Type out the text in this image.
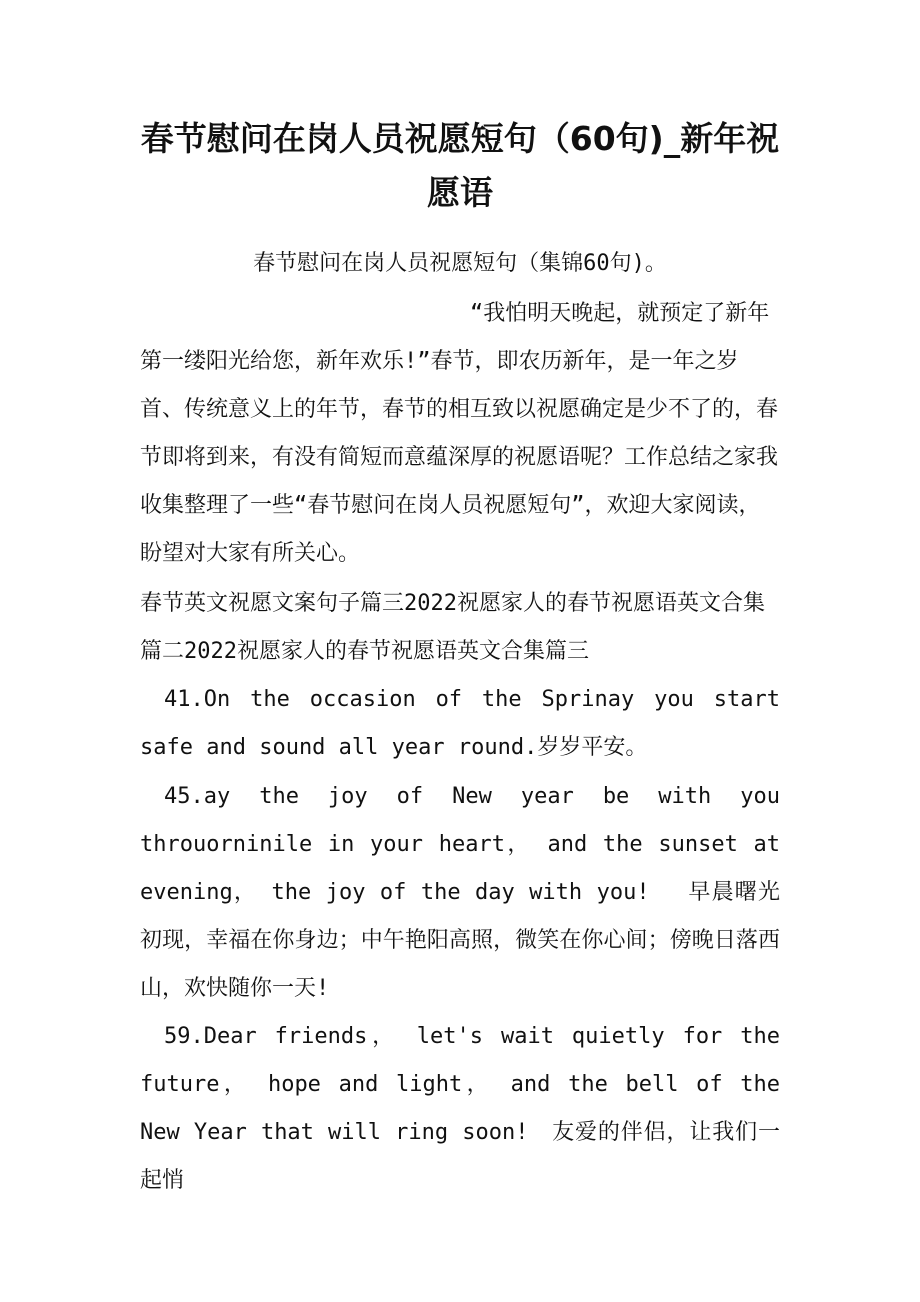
春节慰问在岗人员祝愿短句（60句)_新年祝愿语

春节慰问在岗人员祝愿短句（集锦60句)。

“我怕明天晚起，就预定了新年第一缕阳光给您，新年欢乐!”春节，即农历新年，是一年之岁首、传统意义上的年节，春节的相互致以祝愿确定是少不了的，春节即将到来，有没有简短而意蕴深厚的祝愿语呢？工作总结之家我收集整理了一些“春节慰问在岗人员祝愿短句”，欢迎大家阅读，盼望对大家有所关心。

春节英文祝愿文案句子篇三2022祝愿家人的春节祝愿语英文合集篇二2022祝愿家人的春节祝愿语英文合集篇三

41.On the occasion of the Sprinay you start safe and sound all year round.岁岁平安。

45.ay the joy of New year be with you throuorninile in your heart， and the sunset at evening， the joy of the day with you!　 早晨曙光初现，幸福在你身边；中午艳阳高照，微笑在你心间；傍晚日落西山，欢快随你一天!

59.Dear friends， let's wait quietly for the future， hope and light， and the bell of the New Year that will ring soon!　友爱的伴侣，让我们一起悄
